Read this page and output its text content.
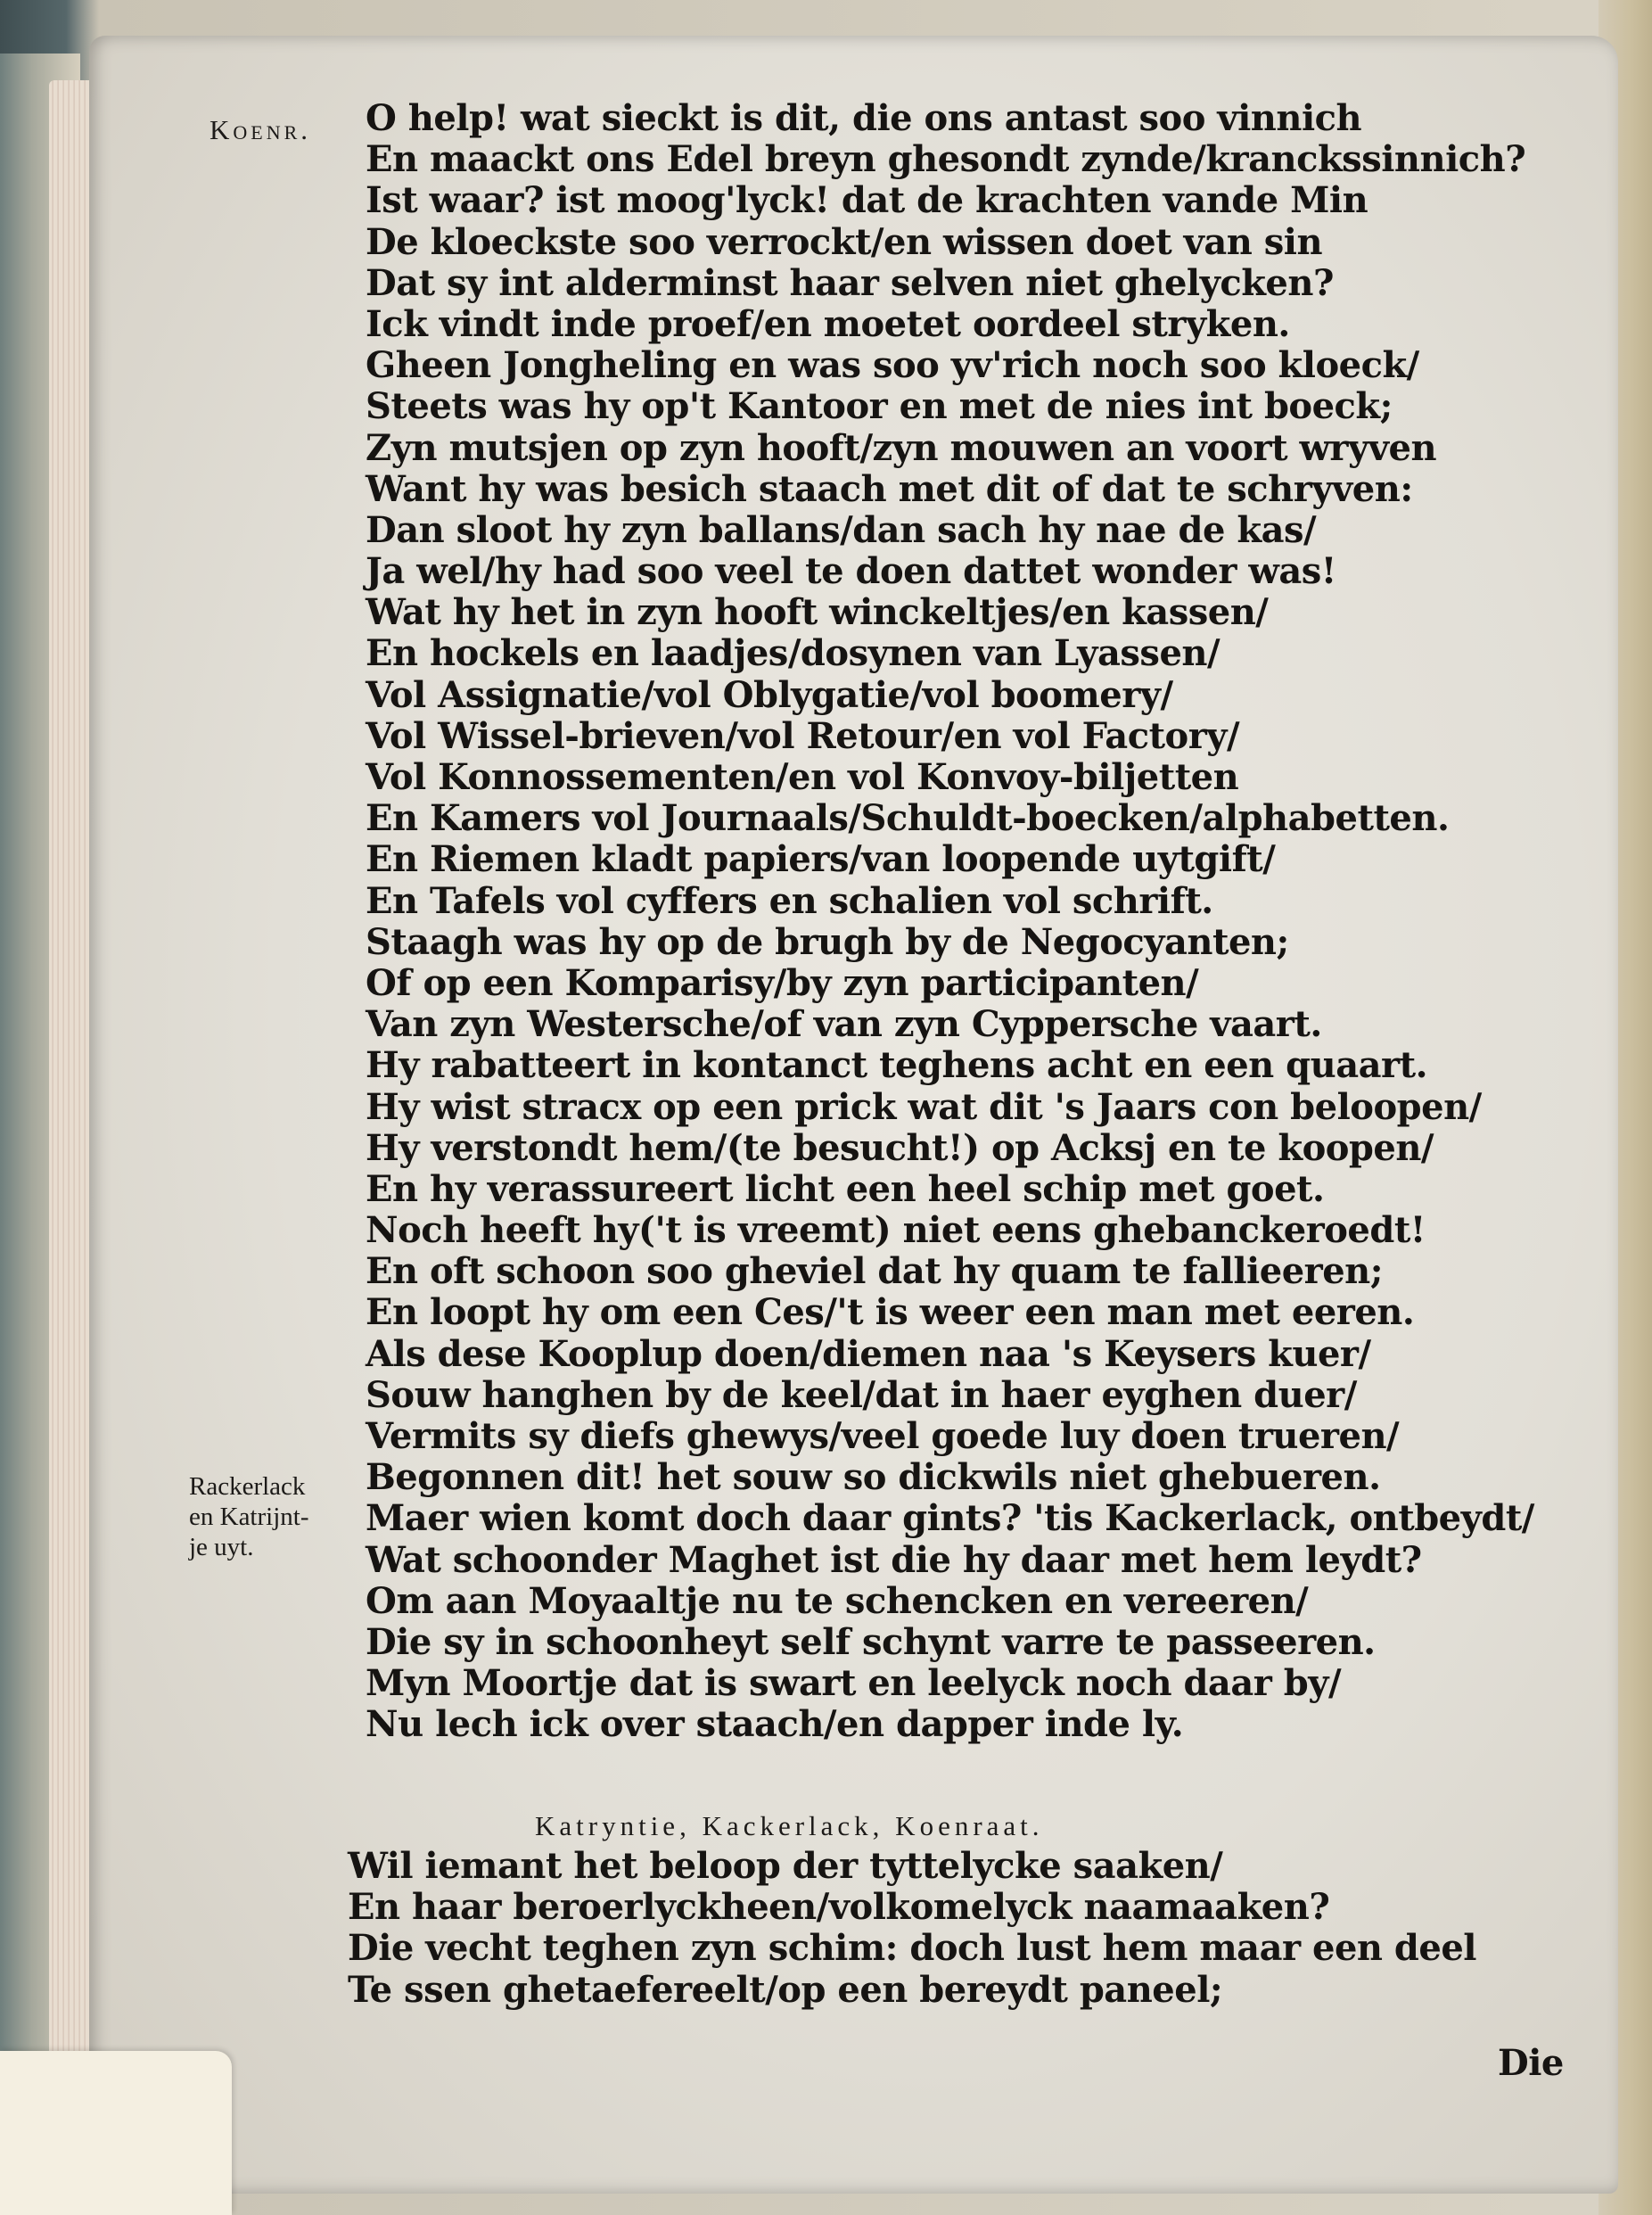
Koenr. O help! wat sieckt is dit, die ons antast soo vinnich
En maackt ons Edel breyn ghesondt zynde/kranckssinnich?
Ist waar? ist moog'lyck! dat de krachten vande Min
De kloeckste soo verrockt/en wissen doet van sin
Dat sy int alderminst haar selven niet ghelycken?
Ick vindt inde proef/en moetet oordeel stryken.
Gheen Jongheling en was soo yv'rich noch soo kloeck/
Steets was hy op't Kantoor en met de nies int boeck;
Zyn mutsjen op zyn hooft/zyn mouwen an voort wryven
Want hy was besich staach met dit of dat te schryven:
Dan sloot hy zyn ballans/dan sach hy nae de kas/
Ja wel/hy had soo veel te doen dattet wonder was!
Wat hy het in zyn hooft winckeltjes/en kassen/
En hockels en laadjes/dosynen van Lyassen/
Vol Assignatie/vol Oblygatie/vol boomery/
Vol Wissel-brieven/vol Retour/en vol Factory/
Vol Konnossementen/en vol Konvoy-biljetten
En Kamers vol Journaals/Schuldt-boecken/alphabetten.
En Riemen kladt papiers/van loopende uytgift/
En Tafels vol cyffers en schalien vol schrift.
Staagh was hy op de brugh by de Negocyanten;
Of op een Komparisy/by zyn participanten/
Van zyn Westersche/of van zyn Cyppersche vaart.
Hy rabatteert in kontanct teghens acht en een quaart.
Hy wist stracx op een prick wat dit 's Jaars con beloopen/
Hy verstondt hem/(te besucht!) op Acksj en te koopen/
En hy verassureert licht een heel schip met goet.
Noch heeft hy('t is vreemt) niet eens ghebanckeroedt!
En oft schoon soo gheviel dat hy quam te fallieeren;
En loopt hy om een Ces/'t is weer een man met eeren.
Als dese Kooplup doen/diemen naa 's Keysers kuer/
Souw hanghen by de keel/dat in haer eyghen duer/
Vermits sy diefs ghewys/veel goede luy doen trueren/
Begonnen dit! het souw so dickwils niet ghebueren.
Maer wien komt doch daar gints? 'tis Kackerlack, ontbeydt/
Wat schoonder Maghet ist die hy daar met hem leydt?
Om aan Moyaaltje nu te schencken en vereeren/
Die sy in schoonheyt self schynt varre te passeeren.
Myn Moortje dat is swart en leelyck noch daar by/
Nu lech ick over staach/en dapper inde ly.
Rackerlack
en Katrijnt-
je uyt.
Katryntie, Kackerlack, Koenraat.
Wil iemant het beloop der tyttelycke saaken/
En haar beroerlyckheen/volkomelyck naamaaken?
Die vecht teghen zyn schim: doch lust hem maar een deel
Te ssen ghetaefereelt/op een bereydt paneel;
Die
